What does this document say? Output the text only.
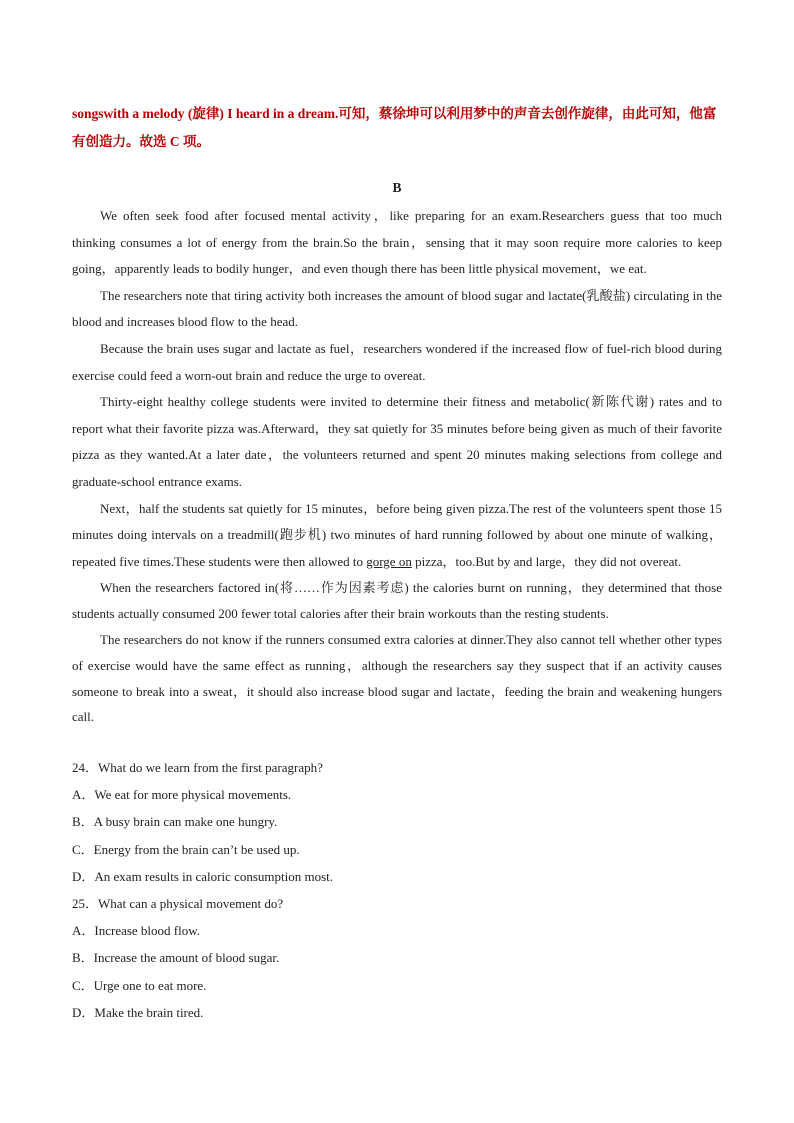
songswith a melody (旋律) I heard in a dream.可知，蔡徐坤可以利用梦中的声音去创作旋律，由此可知，他富有创造力。故选 C 项。
B

We often seek food after focused mental activity，like preparing for an exam.Researchers guess that too much thinking consumes a lot of energy from the brain.So the brain，sensing that it may soon require more calories to keep going，apparently leads to bodily hunger，and even though there has been little physical movement，we eat.

The researchers note that tiring activity both increases the amount of blood sugar and lactate(乳酸盐) circulating in the blood and increases blood flow to the head.

Because the brain uses sugar and lactate as fuel，researchers wondered if the increased flow of fuel-rich blood during exercise could feed a worn-out brain and reduce the urge to overeat.

Thirty-eight healthy college students were invited to determine their fitness and metabolic(新陈代谢) rates and to report what their favorite pizza was.Afterward，they sat quietly for 35 minutes before being given as much of their favorite pizza as they wanted.At a later date，the volunteers returned and spent 20 minutes making selections from college and graduate-school entrance exams.

Next，half the students sat quietly for 15 minutes，before being given pizza.The rest of the volunteers spent those 15 minutes doing intervals on a treadmill(跑步机) two minutes of hard running followed by about one minute of walking，repeated five times.These students were then allowed to gorge on pizza，too.But by and large，they did not overeat.

When the researchers factored in(将……作为因素考虑) the calories burnt on running，they determined that those students actually consumed 200 fewer total calories after their brain workouts than the resting students.

The researchers do not know if the runners consumed extra calories at dinner.They also cannot tell whether other types of exercise would have the same effect as running，although the researchers say they suspect that if an activity causes someone to break into a sweat，it should also increase blood sugar and lactate，feeding the brain and weakening hungers call.

24．What do we learn from the first paragraph?
A．We eat for more physical movements.
B．A busy brain can make one hungry.
C．Energy from the brain can’t be used up.
D．An exam results in caloric consumption most.
25．What can a physical movement do?
A．Increase blood flow.
B．Increase the amount of blood sugar.
C．Urge one to eat more.
D．Make the brain tired.
